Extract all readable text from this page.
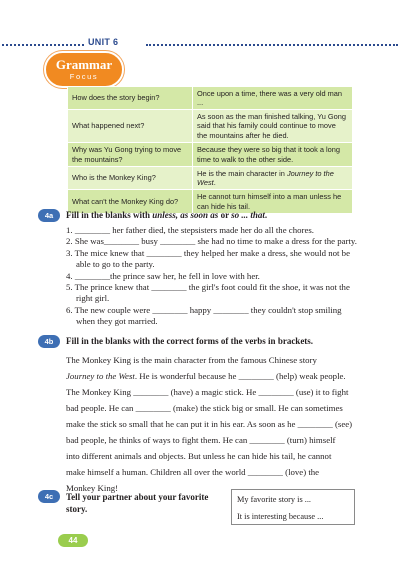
UNIT 6
Grammar
Focus
How does the story begin?	Once upon a time, there was a very old man ...
What happened next?	As soon as the man finished talking, Yu Gong said that his family could continue to move the mountains after he died.
Why was Yu Gong trying to move the mountains?	Because they were so big that it took a long time to walk to the other side.
Who is the Monkey King?	He is the main character in Journey to the West.
What can't the Monkey King do?	He cannot turn himself into a man unless he can hide his tail.
4a	Fill in the blanks with unless, as soon as or so ... that.
1. ________ her father died, the stepsisters made her do all the chores.
2. She was________ busy ________ she had no time to make a dress for the party.
3. The mice knew that ________ they helped her make a dress, she would not be
able to go to the party.
4. ________the prince saw her, he fell in love with her.
5. The prince knew that ________ the girl's foot could fit the shoe, it was not the
right girl.
6. The new couple were ________ happy ________ they couldn't stop smiling
when they got married.
4b	Fill in the blanks with the correct forms of the verbs in brackets.
The Monkey King is the main character from the famous Chinese story
Journey to the West. He is wonderful because he ________ (help) weak people.
The Monkey King ________ (have) a magic stick. He ________ (use) it to fight
bad people. He can ________ (make) the stick big or small. He can sometimes
make the stick so small that he can put it in his ear. As soon as he ________ (see)
bad people, he thinks of ways to fight them. He can ________ (turn) himself
into different animals and objects. But unless he can hide his tail, he cannot
make himself a human. Children all over the world ________ (love) the
Monkey King!
4c	Tell your partner about your favorite
story.
My favorite story is ...
It is interesting because ...
44
